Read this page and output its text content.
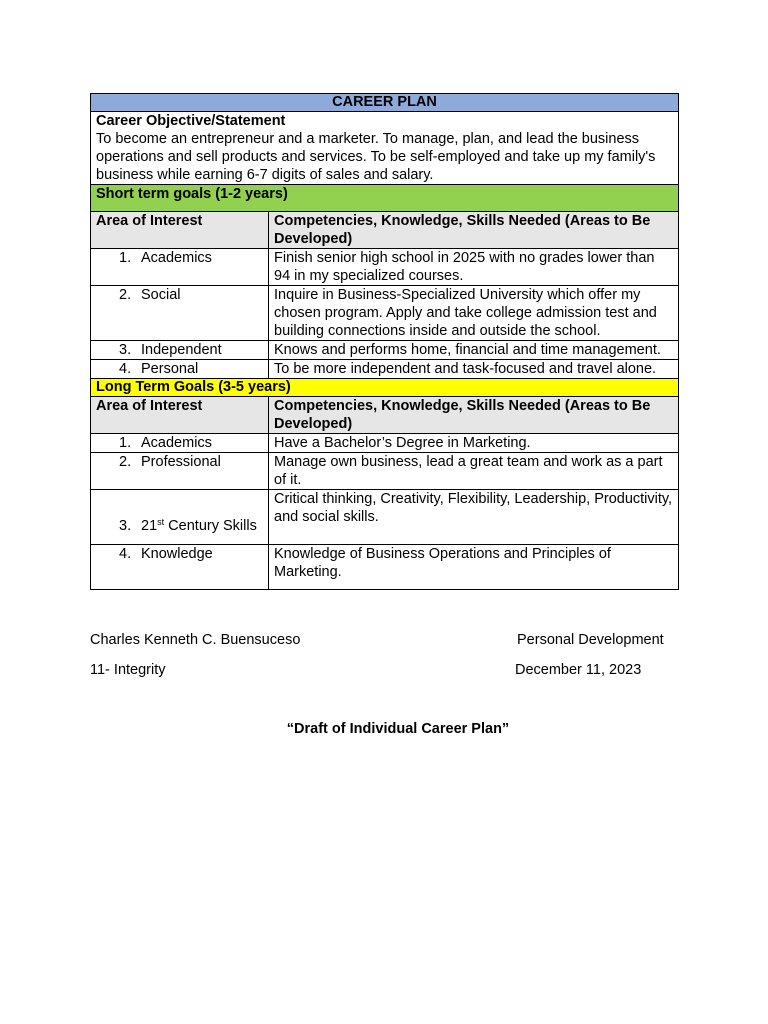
CAREER PLAN	

Career Objective/Statement
To become an entrepreneur and a marketer. To manage, plan, and lead the business operations and sell products and services. To be self-employed and take up my family's business while earning 6-7 digits of sales and salary.	
Short term goals (1-2 years)	
Area of Interest	Competencies, Knowledge, Skills Needed (Areas to Be Developed)

1. Academics	Finish senior high school in 2025 with no grades lower than 94 in my specialized courses.

2. Social	Inquire in Business-Specialized University which offer my chosen program. Apply and take college admission test and building connections inside and outside the school.

3. Independent	Knows and performs home, financial and time management.

4. Personal	To be more independent and task-focused and travel alone.
Long Term Goals (3-5 years)	
Area of Interest	Competencies, Knowledge, Skills Needed (Areas to Be Developed)

1. Academics	Have a Bachelor’s Degree in Marketing.

2. Professional	Manage own business, lead a great team and work as a part of it.

3. 21st Century Skills	Critical thinking, Creativity, Flexibility, Leadership, Productivity, and social skills.

4. Knowledge	Knowledge of Business Operations and Principles of Marketing.
Charles Kenneth C. Buensuceso	Personal Development
11- Integrity	December 11, 2023
“Draft of Individual Career Plan”
